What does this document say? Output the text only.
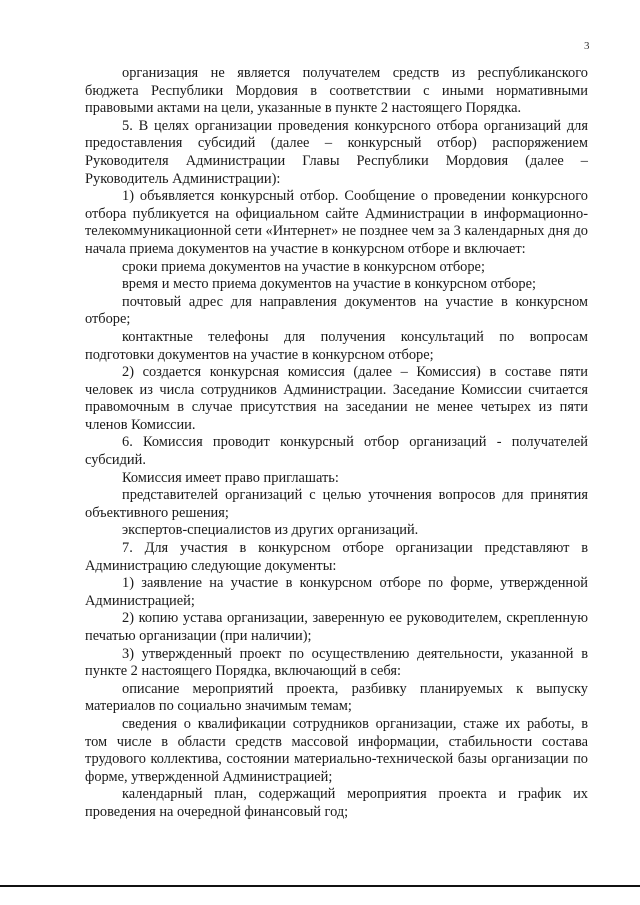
3

организация не является получателем средств из республиканского бюджета Республики Мордовия в соответствии с иными нормативными правовыми актами на цели, указанные в пункте 2 настоящего Порядка.

5. В целях организации проведения конкурсного отбора организаций для предоставления субсидий (далее – конкурсный отбор) распоряжением Руководителя Администрации Главы Республики Мордовия (далее – Руководитель Администрации):

1) объявляется конкурсный отбор. Сообщение о проведении конкурсного отбора публикуется на официальном сайте Администрации в информационно-телекоммуникационной сети «Интернет» не позднее чем за 3 календарных дня до начала приема документов на участие в конкурсном отборе и включает:

сроки приема документов на участие в конкурсном отборе;

время и место приема документов на участие в конкурсном отборе;

почтовый адрес для направления документов на участие в конкурсном отборе;

контактные телефоны для получения консультаций по вопросам подготовки документов на участие в конкурсном отборе;

2) создается конкурсная комиссия (далее – Комиссия) в составе пяти человек из числа сотрудников Администрации. Заседание Комиссии считается правомочным в случае присутствия на заседании не менее четырех из пяти членов Комиссии.

6. Комиссия проводит конкурсный отбор организаций - получателей субсидий.

Комиссия имеет право приглашать:

представителей организаций с целью уточнения вопросов для принятия объективного решения;

экспертов-специалистов из других организаций.

7. Для участия в конкурсном отборе организации представляют в Администрацию следующие документы:

1) заявление на участие в конкурсном отборе по форме, утвержденной Администрацией;

2) копию устава организации, заверенную ее руководителем, скрепленную печатью организации (при наличии);

3) утвержденный проект по осуществлению деятельности, указанной в пункте 2 настоящего Порядка, включающий в себя:

описание мероприятий проекта, разбивку планируемых к выпуску материалов по социально значимым темам;

сведения о квалификации сотрудников организации, стаже их работы, в том числе в области средств массовой информации, стабильности состава трудового коллектива, состоянии материально-технической базы организации по форме, утвержденной Администрацией;

календарный план, содержащий мероприятия проекта и график их проведения на очередной финансовый год;
